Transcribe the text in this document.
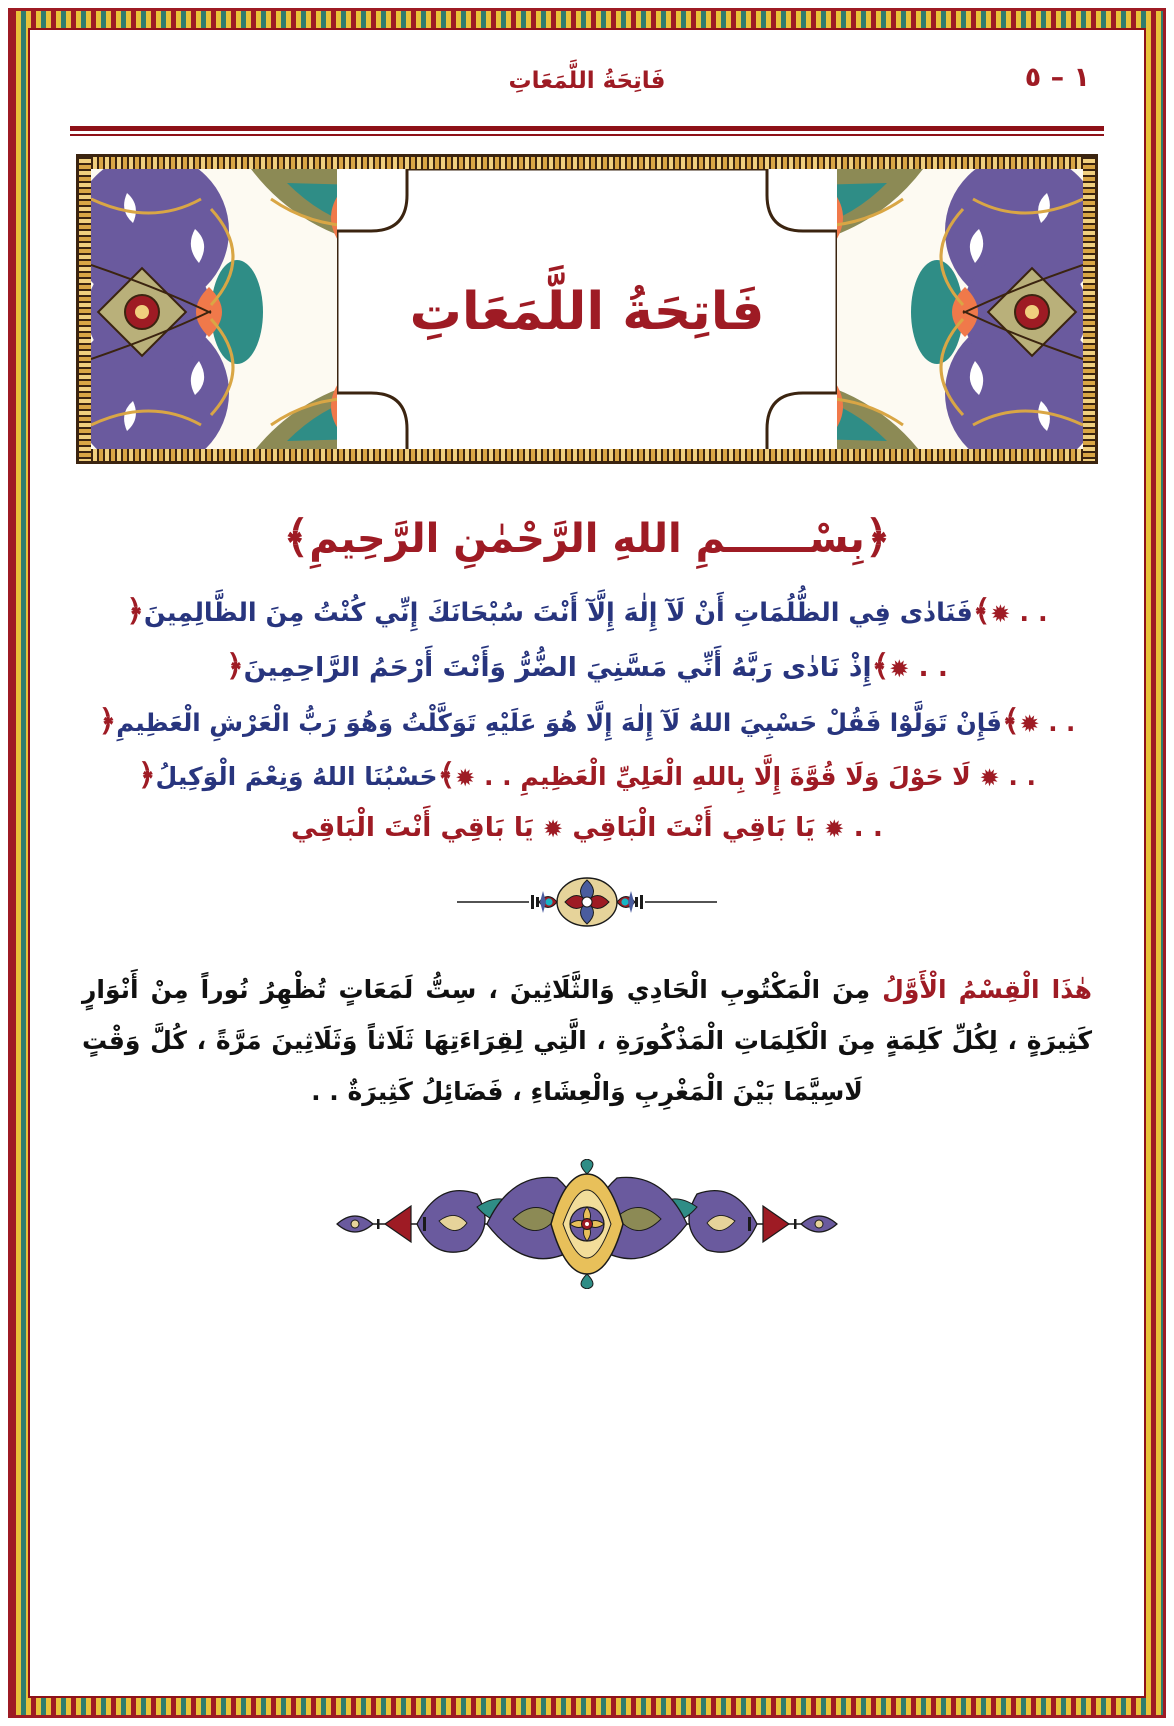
١ – ٥
فَاتِحَةُ اللَّمَعَاتِ
فَاتِحَةُ اللَّمَعَاتِ
﴿بِسْــــــمِ اللهِ الرَّحْمٰنِ الرَّحِيمِ﴾
. . ✹﴾فَنَادٰى فِي الظُّلُمَاتِ أَنْ لَآ إِلٰهَ إِلَّآ أَنْتَ سُبْحَانَكَ إِنِّي كُنْتُ مِنَ الظَّالِمِينَ﴿
. . ✹﴾إِذْ نَادٰى رَبَّهُ أَنِّي مَسَّنِيَ الضُّرُّ وَأَنْتَ أَرْحَمُ الرَّاحِمِينَ﴿
. . ✹﴾فَإِنْ تَوَلَّوْا فَقُلْ حَسْبِيَ اللهُ لَآ إِلٰهَ إِلَّا هُوَ عَلَيْهِ تَوَكَّلْتُ وَهُوَ رَبُّ الْعَرْشِ الْعَظِيمِ﴿
. . ✹ لَا حَوْلَ وَلَا قُوَّةَ إِلَّا بِاللهِ الْعَلِيِّ الْعَظِيمِ . . ✹﴾حَسْبُنَا اللهُ وَنِعْمَ الْوَكِيلُ﴿
. . ✹ يَا بَاقِي أَنْتَ الْبَاقِي ✹ يَا بَاقِي أَنْتَ الْبَاقِي
هٰذَا الْقِسْمُ الْأَوَّلُ مِنَ الْمَكْتُوبِ الْحَادِي وَالثَّلَاثِينَ ، سِتُّ لَمَعَاتٍ تُظْهِرُ نُوراً مِنْ أَنْوَارٍ كَثِيرَةٍ ، لِكُلِّ كَلِمَةٍ مِنَ الْكَلِمَاتِ الْمَذْكُورَةِ ، الَّتِي لِقِرَاءَتِهَا ثَلَاثاً وَثَلَاثِينَ مَرَّةً ، كُلَّ وَقْتٍ لَاسِيَّمَا بَيْنَ الْمَغْرِبِ وَالْعِشَاءِ ، فَضَائِلُ كَثِيرَةٌ . .
